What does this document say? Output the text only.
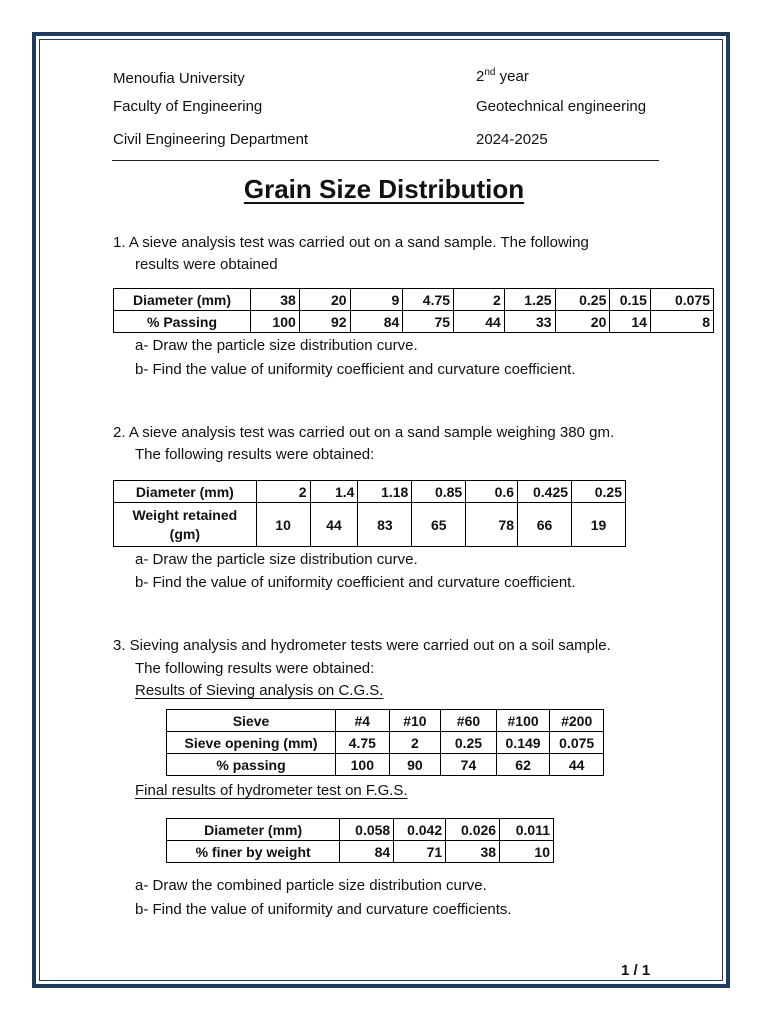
Menoufia University
Faculty of Engineering
Civil Engineering Department
2nd year
Geotechnical engineering
2024-2025
Grain Size Distribution
1. A sieve analysis test was carried out on a sand sample. The following
results were obtained
Diameter (mm)	38	20	9	4.75	2	1.25	0.25	0.15	0.075
% Passing	100	92	84	75	44	33	20	14	8
a- Draw the particle size distribution curve.
b- Find the value of uniformity coefficient and curvature coefficient.
2. A sieve analysis test was carried out on a sand sample weighing 380 gm.
The following results were obtained:
Diameter (mm)	2	1.4	1.18	0.85	0.6	0.425	0.25
Weight retained
(gm)	10	44	83	65	78	66	19
a- Draw the particle size distribution curve.
b- Find the value of uniformity coefficient and curvature coefficient.
3. Sieving analysis and hydrometer tests were carried out on a soil sample.
The following results were obtained:
Results of Sieving analysis on C.G.S.
Sieve	#4	#10	#60	#100	#200
Sieve opening (mm)	4.75	2	0.25	0.149	0.075
% passing	100	90	74	62	44
Final results of hydrometer test on F.G.S.
Diameter (mm)	0.058	0.042	0.026	0.011
% finer by weight	84	71	38	10
a- Draw the combined particle size distribution curve.
b- Find the value of uniformity and curvature coefficients.
1 / 1
